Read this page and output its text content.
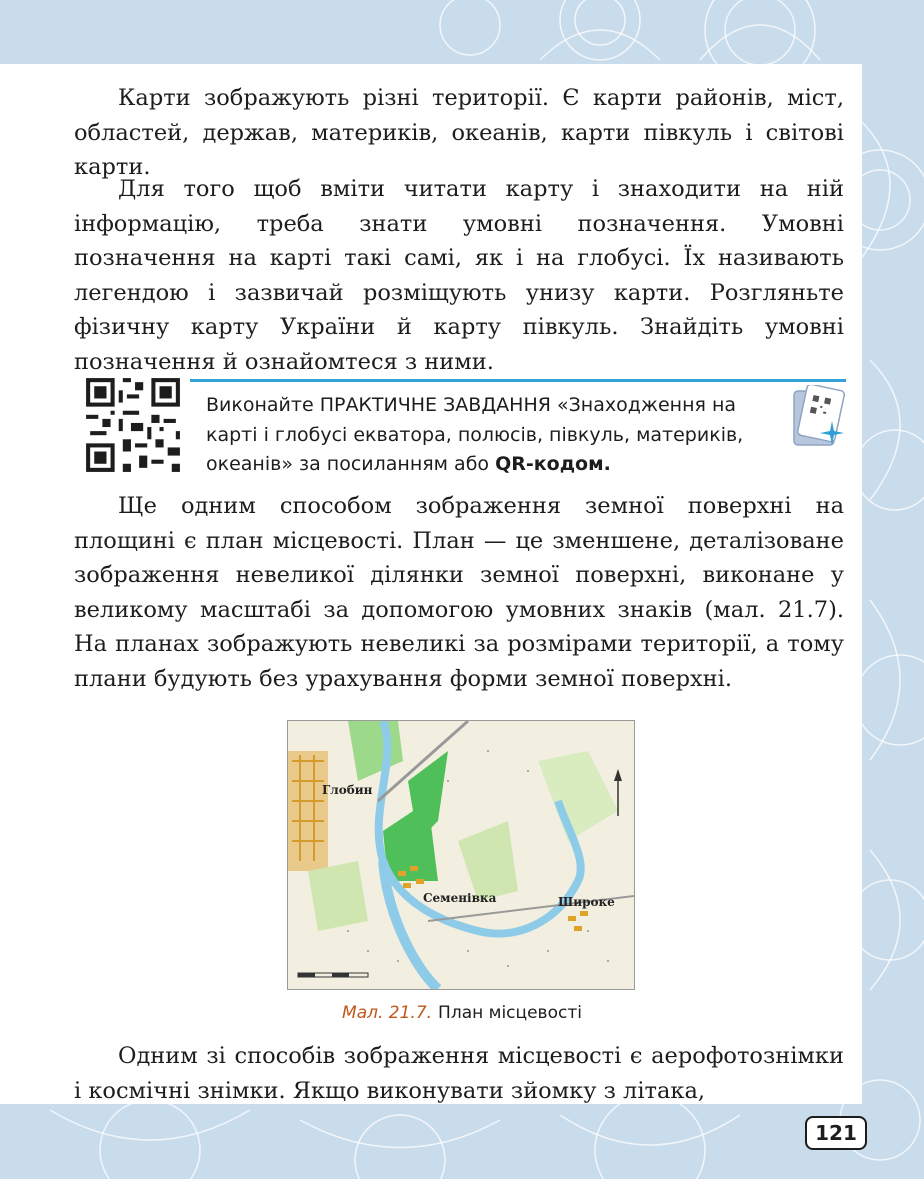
Карти зображують різні території. Є карти районів, міст, областей, держав, материків, океанів, карти півкуль і світові карти.

Для того щоб вміти читати карту і знаходити на ній інформацію, треба знати умовні позначення. Умовні позначення на карті такі самі, як і на глобусі. Їх називають легендою і зазвичай розміщують унизу карти. Розгляньте фізичну карту України й карту півкуль. Знайдіть умовні позначення й ознайомтеся з ними.

Виконайте ПРАКТИЧНЕ ЗАВДАННЯ «Знаходження на карті і глобусі екватора, полюсів, півкуль, материків, океанів» за посиланням або QR-кодом.

Ще одним способом зображення земної поверхні на площині є план місцевості. План — це зменшене, деталізоване зображення невеликої ділянки земної поверхні, виконане у великому масштабі за допомогою умовних знаків (мал. 21.7). На планах зображують невеликі за розмірами території, а тому плани будують без урахування форми земної поверхні.

Глобин
Семенівка	Широке
Мал. 21.7. План місцевості

Одним зі способів зображення місцевості є аерофотознімки і космічні знімки. Якщо виконувати зйомку з літака,

121
